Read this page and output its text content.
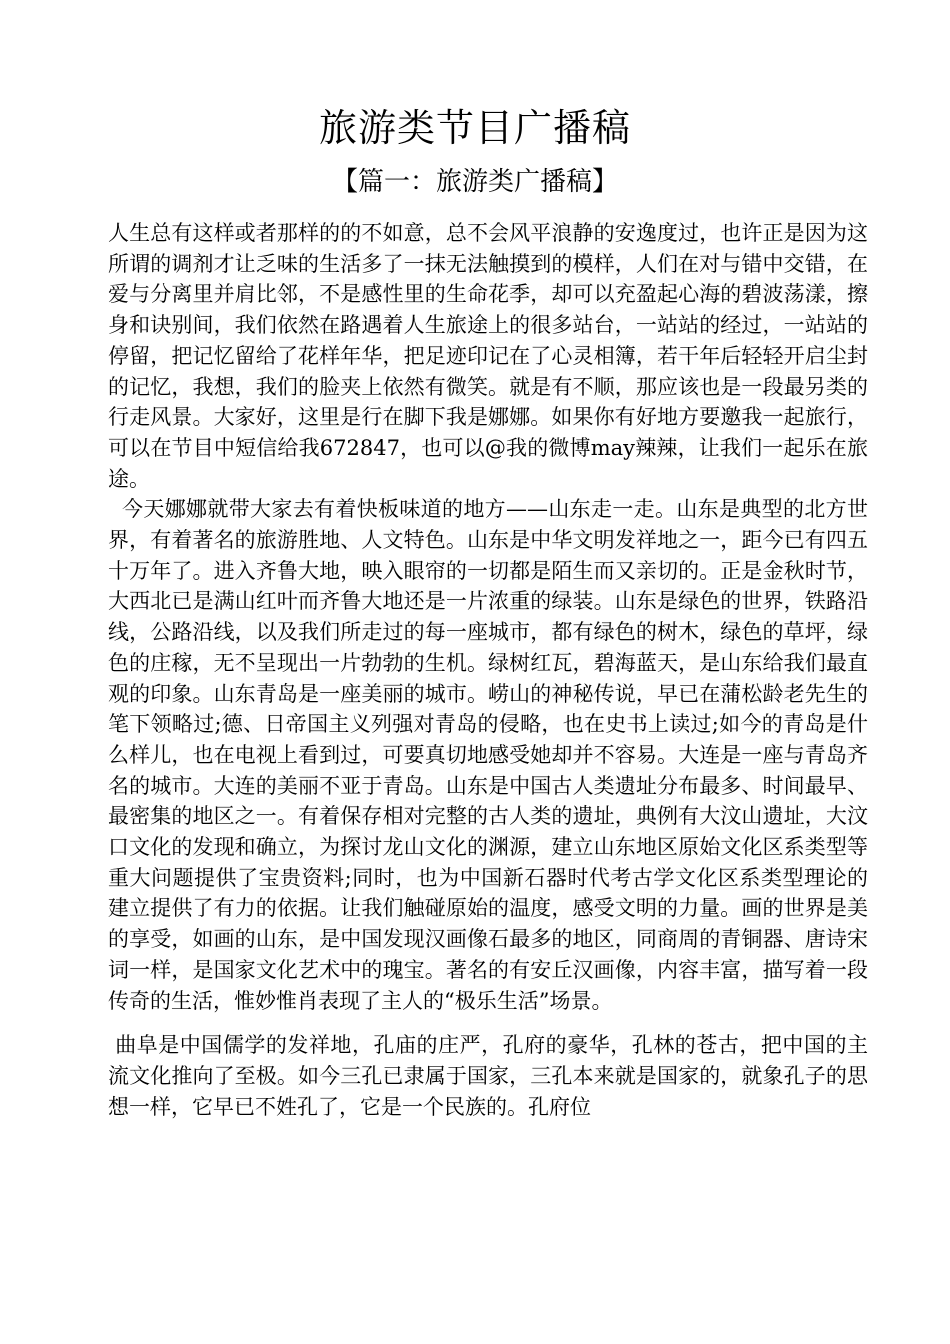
旅游类节目广播稿
【篇一：旅游类广播稿】

人生总有这样或者那样的的不如意，总不会风平浪静的安逸度过，也许正是因为这所谓的调剂才让乏味的生活多了一抹无法触摸到的模样，人们在对与错中交错，在爱与分离里并肩比邻，不是感性里的生命花季，却可以充盈起心海的碧波荡漾，擦身和诀别间，我们依然在路遇着人生旅途上的很多站台，一站站的经过，一站站的停留，把记忆留给了花样年华，把足迹印记在了心灵相簿，若干年后轻轻开启尘封的记忆，我想，我们的脸夹上依然有微笑。就是有不顺，那应该也是一段最另类的行走风景。大家好，这里是行在脚下我是娜娜。如果你有好地方要邀我一起旅行，可以在节目中短信给我672847，也可以@我的微博may辣辣，让我们一起乐在旅途。

今天娜娜就带大家去有着快板味道的地方——山东走一走。山东是典型的北方世界，有着著名的旅游胜地、人文特色。山东是中华文明发祥地之一，距今已有四五十万年了。进入齐鲁大地，映入眼帘的一切都是陌生而又亲切的。正是金秋时节，大西北已是满山红叶而齐鲁大地还是一片浓重的绿装。山东是绿色的世界，铁路沿线，公路沿线，以及我们所走过的每一座城市，都有绿色的树木，绿色的草坪，绿色的庄稼，无不呈现出一片勃勃的生机。绿树红瓦，碧海蓝天，是山东给我们最直观的印象。山东青岛是一座美丽的城市。崂山的神秘传说，早已在蒲松龄老先生的笔下领略过;德、日帝国主义列强对青岛的侵略，也在史书上读过;如今的青岛是什么样儿，也在电视上看到过，可要真切地感受她却并不容易。大连是一座与青岛齐名的城市。大连的美丽不亚于青岛。山东是中国古人类遗址分布最多、时间最早、最密集的地区之一。有着保存相对完整的古人类的遗址，典例有大汶山遗址，大汶口文化的发现和确立，为探讨龙山文化的渊源，建立山东地区原始文化区系类型等重大问题提供了宝贵资料;同时，也为中国新石器时代考古学文化区系类型理论的建立提供了有力的依据。让我们触碰原始的温度，感受文明的力量。画的世界是美的享受，如画的山东，是中国发现汉画像石最多的地区，同商周的青铜器、唐诗宋词一样，是国家文化艺术中的瑰宝。著名的有安丘汉画像，内容丰富，描写着一段传奇的生活，惟妙惟肖表现了主人的“极乐生活”场景。

曲阜是中国儒学的发祥地，孔庙的庄严，孔府的豪华，孔林的苍古，把中国的主流文化推向了至极。如今三孔已隶属于国家，三孔本来就是国家的，就象孔子的思想一样，它早已不姓孔了，它是一个民族的。孔府位
